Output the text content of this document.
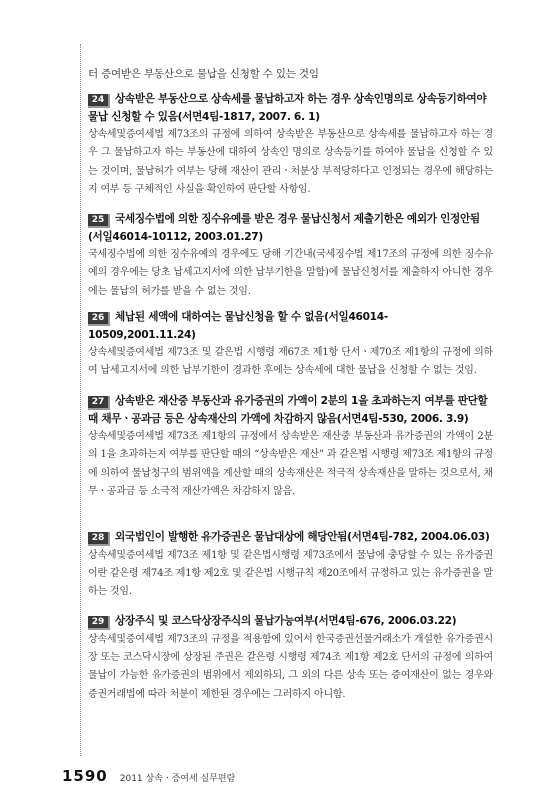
터 증여받은 부동산으로 물납을 신청할 수 있는 것임

24 상속받은 부동산으로 상속세를 물납하고자 하는 경우 상속인명의로 상속등기하여야 물납 신청할 수 있음(서면4팀-1817, 2007. 6. 1)

상속세및증여세법 제73조의 규정에 의하여 상속받은 부동산으로 상속세를 물납하고자 하는 경우 그 물납하고자 하는 부동산에 대하여 상속인 명의로 상속등기를 하여야 물납을 신청할 수 있는 것이며, 물납허가 여부는 당해 재산이 관리ㆍ처분상 부적당하다고 인정되는 경우에 해당하는지 여부 등 구체적인 사실을 확인하여 판단할 사항임.

25 국세징수법에 의한 징수유예를 받은 경우 물납신청서 제출기한은 예외가 인정안됨(서일46014-10112, 2003.01.27)

국세징수법에 의한 징수유예의 경우에도 당해 기간내(국세징수법 제17조의 규정에 의한 징수유예의 경우에는 당초 납세고지서에 의한 납부기한을 말함)에 물납신청서를 제출하지 아니한 경우에는 물납의 허가를 받을 수 없는 것임.

26 체납된 세액에 대하여는 물납신청을 할 수 없음(서일46014-10509,2001.11.24)

상속세및증여세법 제73조 및 같은법 시행령 제67조 제1항 단서ㆍ제70조 제1항의 규정에 의하여 납세고지서에 의한 납부기한이 경과한 후에는 상속세에 대한 물납을 신청할 수 없는 것임.

27 상속받은 재산중 부동산과 유가증권의 가액이 2분의 1을 초과하는지 여부를 판단할 때 채무ㆍ공과금 등은 상속재산의 가액에 차감하지 않음(서면4팀-530, 2006. 3.9)

상속세및증여세법 제73조 제1항의 규정에서 상속받은 재산중 부동산과 유가증권의 가액이 2분의 1을 초과하는지 여부를 판단할 때의 “상속받은 재산” 과 같은법 시행령 제73조 제1항의 규정에 의하여 물납청구의 범위액을 계산할 때의 상속재산은 적극적 상속재산을 말하는 것으로서, 채무ㆍ공과금 등 소극적 재산가액은 차감하지 않음.

28 외국법인이 발행한 유가증권은 물납대상에 해당안됨(서면4팀-782, 2004.06.03)

상속세및증여세법 제73조 제1항 및 같은법시행령 제73조에서 물납에 충당할 수 있는 유가증권이란 같은령 제74조 제1항 제2호 및 같은법 시행규칙 제20조에서 규정하고 있는 유가증권을 말하는 것임.

29 상장주식 및 코스닥상장주식의 물납가능여부(서면4팀-676, 2006.03.22)

상속세및증여세법 제73조의 규정을 적용함에 있어서 한국증권선물거래소가 개설한 유가증권시장 또는 코스닥시장에 상장된 주권은 같은령 시행령 제74조 제1항 제2호 단서의 규정에 의하여 물납이 가능한 유가증권의 범위에서 제외하되, 그 외의 다른 상속 또는 증여재산이 없는 경우와 증권거래법에 따라 처분이 제한된 경우에는 그러하지 아니함.

1590 2011 상속ㆍ증여세 실무편람
